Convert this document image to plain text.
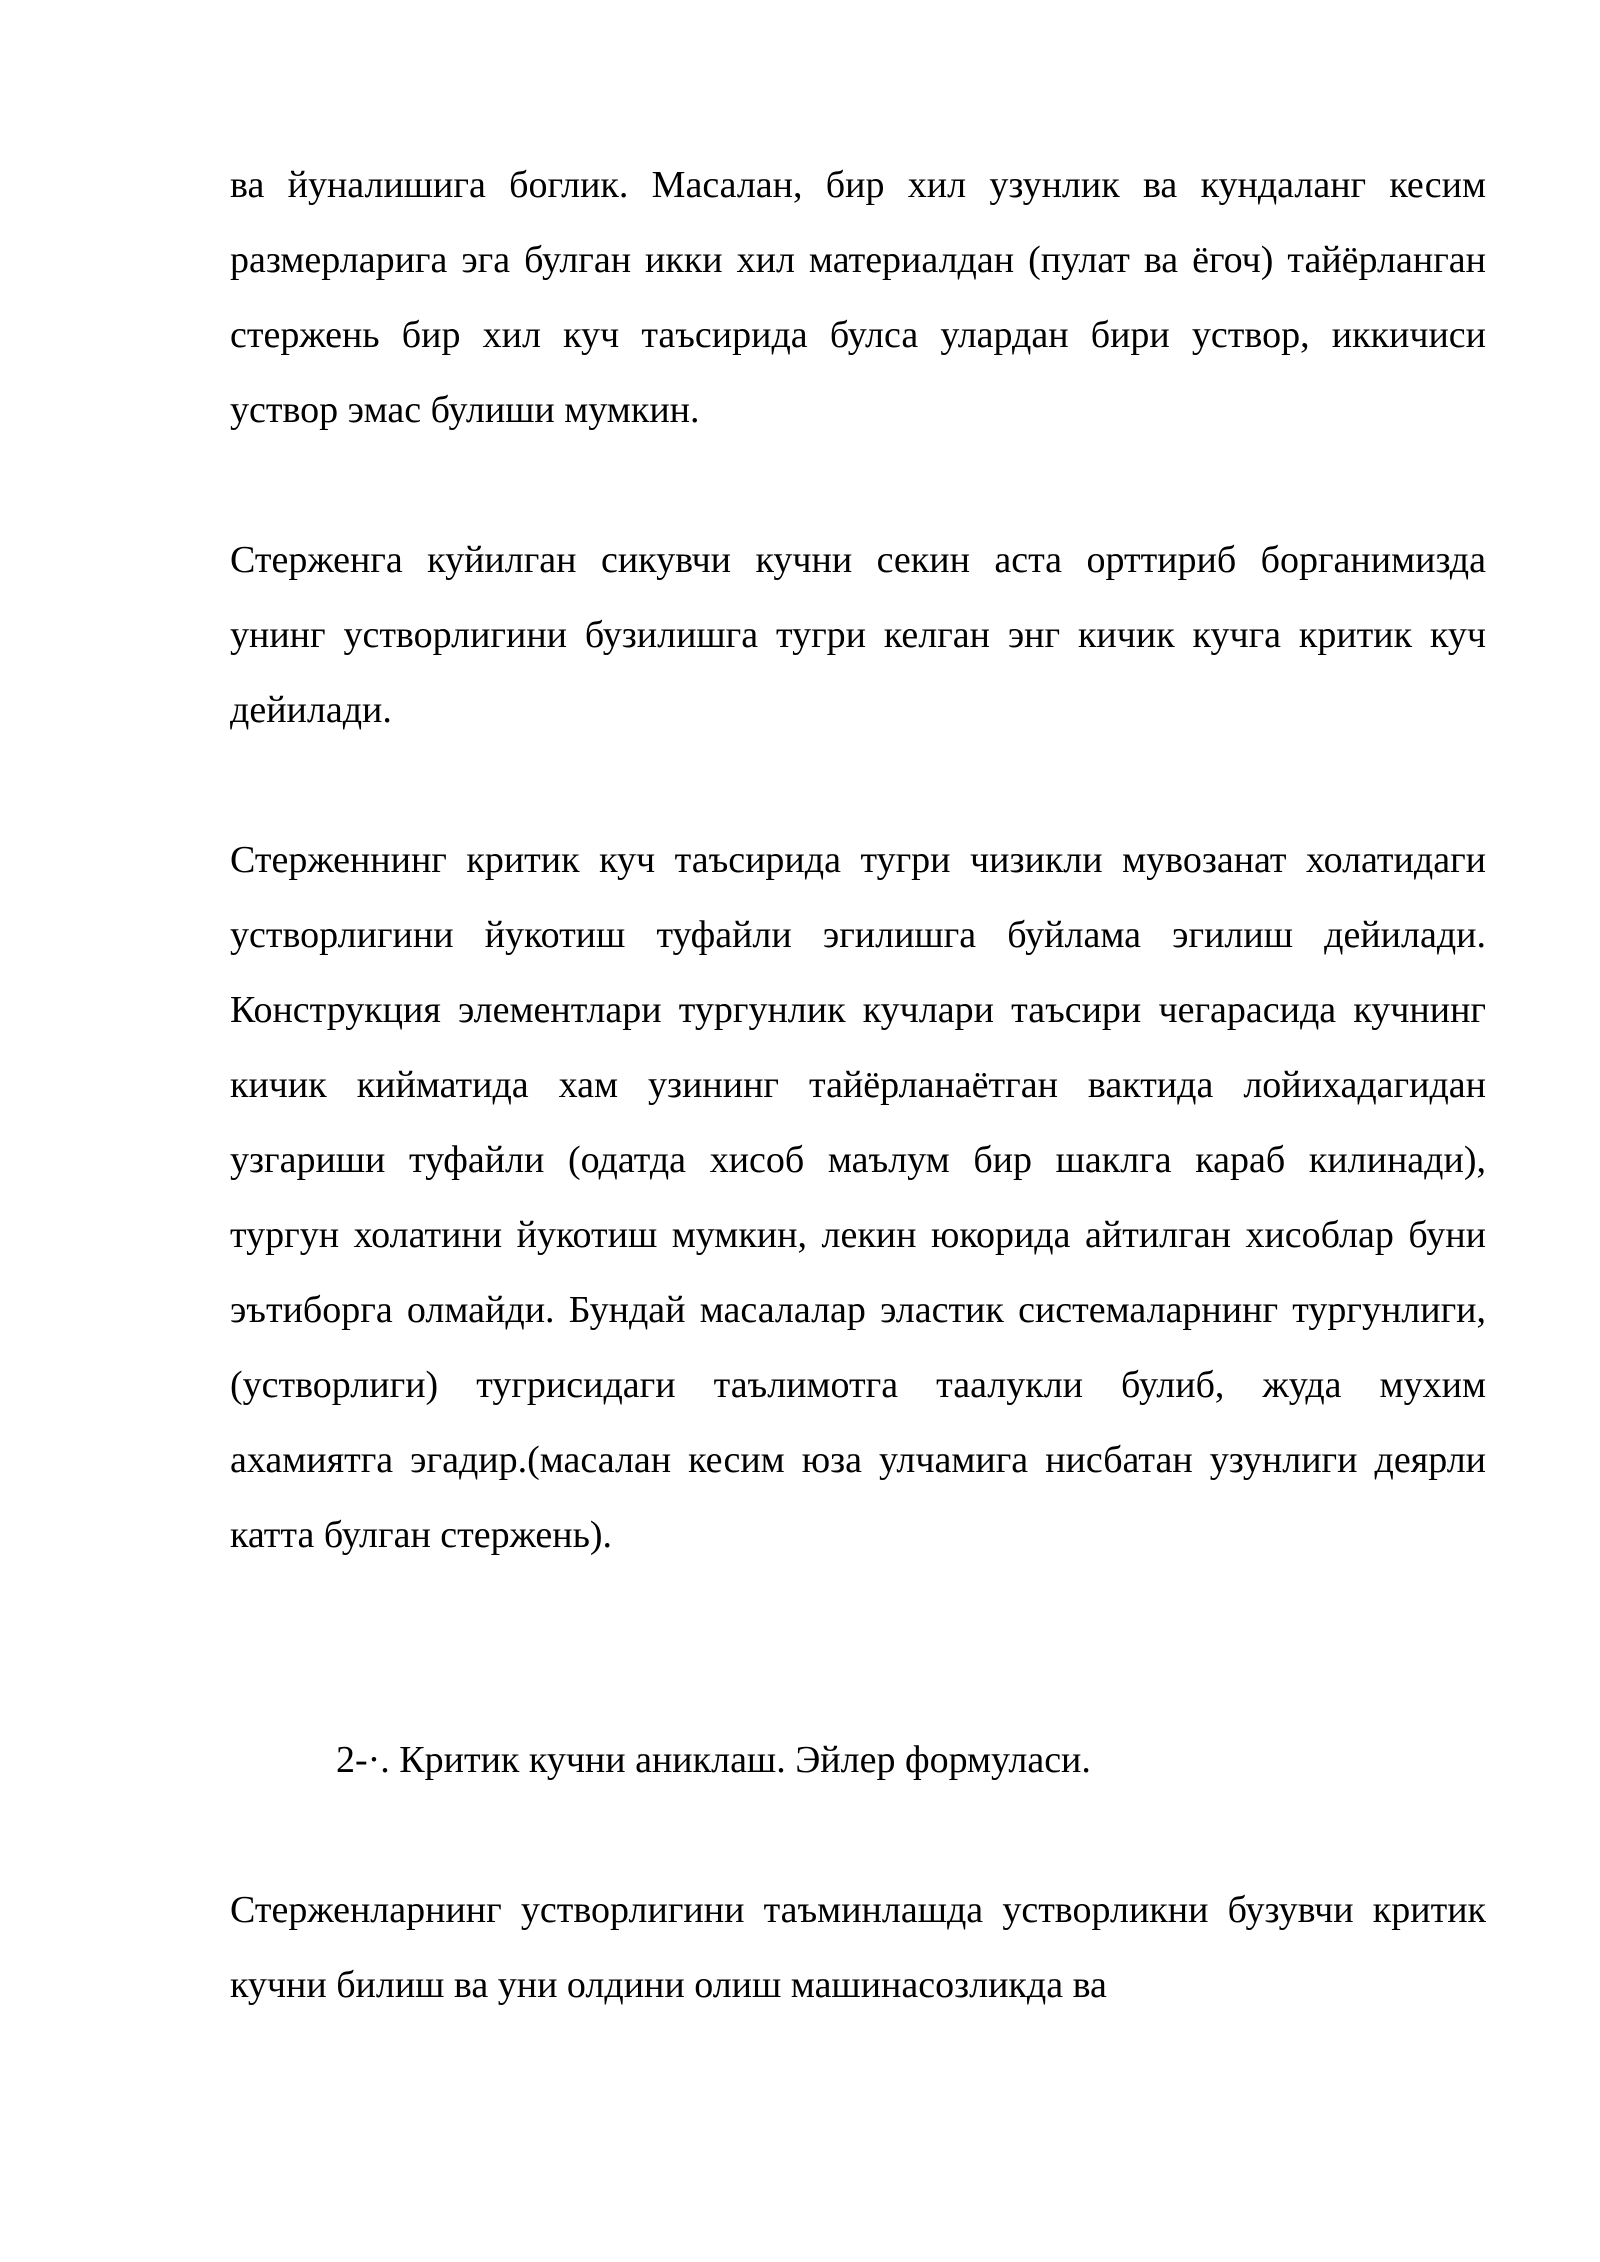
ва йуналишига боглик. Масалан, бир хил узунлик ва кундаланг кесим размерларига эга булган икки хил материалдан (пулат ва ёгоч) тайёрланган стержень бир хил куч таъсирида булса улардан бири уствор, иккичиси уствор эмас булиши мумкин.

Стерженга куйилган сикувчи кучни секин аста орттириб борганимизда унинг устворлигини бузилишга тугри келган энг кичик кучга критик куч дейилади.

Стерженнинг критик куч таъсирида тугри чизикли мувозанат холатидаги устворлигини йукотиш туфайли эгилишга буйлама эгилиш дейилади. Конструкция элементлари тургунлик кучлари таъсири чегарасида кучнинг кичик кийматида хам узининг тайёрланаётган вактида лойихадагидан узгариши туфайли (одатда хисоб маълум бир шаклга караб килинади), тургун холатини йукотиш мумкин, лекин юкорида айтилган хисоблар буни эътиборга олмайди. Бундай масалалар эластик системаларнинг тургунлиги, (устворлиги) тугрисидаги таълимотга таалукли булиб, жуда мухим ахамиятга эгадир.(масалан кесим юза улчамига нисбатан узунлиги деярли катта булган стержень).

2-·. Критик кучни аниклаш. Эйлер формуласи.

Стерженларнинг устворлигини таъминлашда устворликни бузувчи критик кучни билиш ва уни олдини олиш машинасозликда ва
